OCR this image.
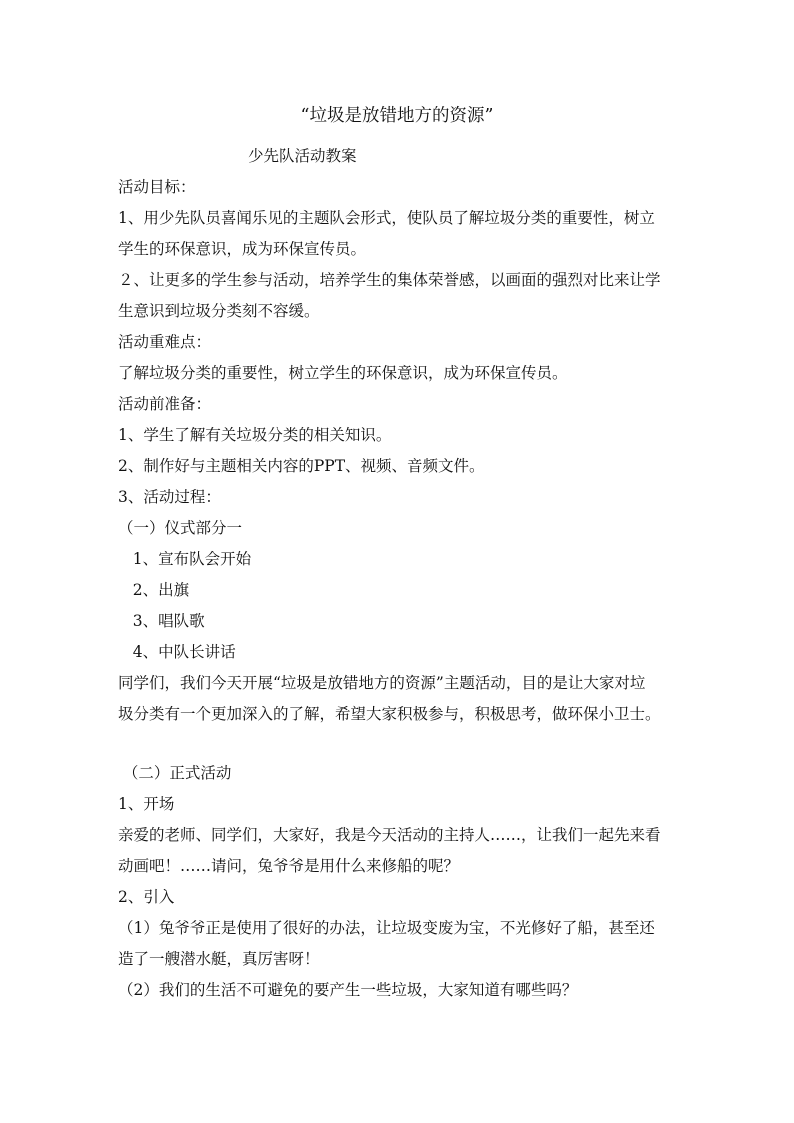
“垃圾是放错地方的资源”
少先队活动教案
活动目标：
1、用少先队员喜闻乐见的主题队会形式，使队员了解垃圾分类的重要性，树立
学生的环保意识，成为环保宣传员。
２、让更多的学生参与活动，培养学生的集体荣誉感，以画面的强烈对比来让学
生意识到垃圾分类刻不容缓。
活动重难点：
了解垃圾分类的重要性，树立学生的环保意识，成为环保宣传员。
活动前准备：
1、学生了解有关垃圾分类的相关知识。
2、制作好与主题相关内容的PPT、视频、音频文件。
3、活动过程：
（一）仪式部分一
1、宣布队会开始
2、出旗
3、唱队歌
4、中队长讲话
同学们，我们今天开展“垃圾是放错地方的资源”主题活动，目的是让大家对垃
圾分类有一个更加深入的了解，希望大家积极参与，积极思考，做环保小卫士。
（二）正式活动
1、开场
亲爱的老师、同学们，大家好，我是今天活动的主持人……，让我们一起先来看
动画吧！……请问，兔爷爷是用什么来修船的呢？
2、引入
（1）兔爷爷正是使用了很好的办法，让垃圾变废为宝，不光修好了船，甚至还
造了一艘潜水艇，真厉害呀！
（2）我们的生活不可避免的要产生一些垃圾，大家知道有哪些吗？
